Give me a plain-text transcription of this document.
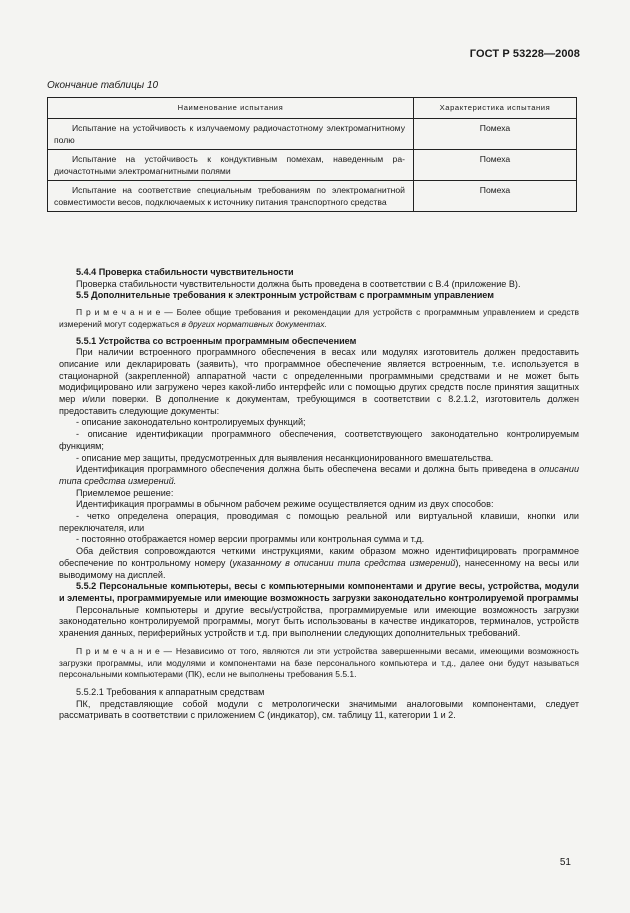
ГОСТ Р 53228—2008
Окончание таблицы 10
Наименование испытания	Характеристика испытания
Испытание на устойчивость к излучаемому радиочастотному электромагнитному полю	Помеха
Испытание на устойчивость к кондуктивным помехам, наведенным радиочастотными электромагнитными полями	Помеха
Испытание на соответствие специальным требованиям по электромагнитной совместимости весов, подключаемых к источнику питания транспортного средства	Помеха

5.4.4 Проверка стабильности чувствительности

Проверка стабильности чувствительности должна быть проведена в соответствии с В.4 (приложение В).

5.5 Дополнительные требования к электронным устройствам с программным управлением

П р и м е ч а н и е — Более общие требования и рекомендации для устройств с программным управлением и средств измерений могут содержаться в других нормативных документах.

5.5.1 Устройства со встроенным программным обеспечением

При наличии встроенного программного обеспечения в весах или модулях изготовитель должен предоставить описание или декларировать (заявить), что программное обеспечение является встроенным, т.е. используется в стационарной (закрепленной) аппаратной части с определенными программными средствами и не может быть модифицировано или загружено через какой-либо интерфейс или с помощью других средств после принятия защитных мер и/или поверки. В дополнение к документам, требующимся в соответствии с 8.2.1.2, изготовитель должен предоставить следующие документы:

- описание законодательно контролируемых функций;

- описание идентификации программного обеспечения, соответствующего законодательно контролируемым функциям;

- описание мер защиты, предусмотренных для выявления несанкционированного вмешательства.

Идентификация программного обеспечения должна быть обеспечена весами и должна быть приведена в описании типа средства измерений.

Приемлемое решение:

Идентификация программы в обычном рабочем режиме осуществляется одним из двух способов:

- четко определена операция, проводимая с помощью реальной или виртуальной клавиши, кнопки или переключателя, или

- постоянно отображается номер версии программы или контрольная сумма и т.д.

Оба действия сопровождаются четкими инструкциями, каким образом можно идентифицировать программное обеспечение по контрольному номеру (указанному в описании типа средства измерений), нанесенному на весы или выводимому на дисплей.

5.5.2 Персональные компьютеры, весы с компьютерными компонентами и другие весы, устройства, модули и элементы, программируемые или имеющие возможность загрузки законодательно контролируемой программы

Персональные компьютеры и другие весы/устройства, программируемые или имеющие возможность загрузки законодательно контролируемой программы, могут быть использованы в качестве индикаторов, терминалов, устройств хранения данных, периферийных устройств и т.д. при выполнении следующих дополнительных требований.

П р и м е ч а н и е — Независимо от того, являются ли эти устройства завершенными весами, имеющими возможность загрузки программы, или модулями и компонентами на базе персонального компьютера и т.д., далее они будут называться персональными компьютерами (ПК), если не выполнены требования 5.5.1.

5.5.2.1 Требования к аппаратным средствам

ПК, представляющие собой модули с метрологически значимыми аналоговыми компонентами, следует рассматривать в соответствии с приложением С (индикатор), см. таблицу 11, категории 1 и 2.

51
